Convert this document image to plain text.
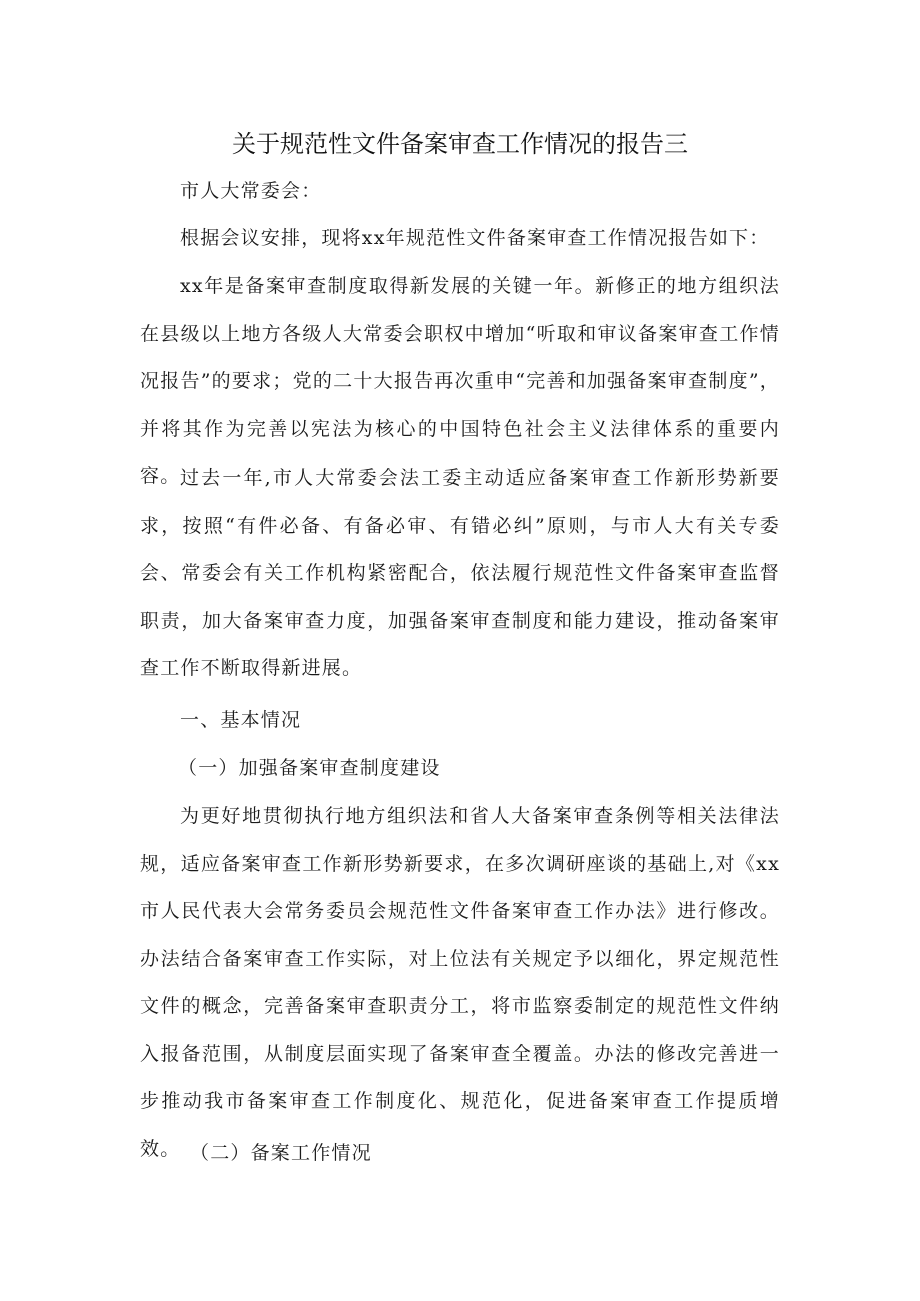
关于规范性文件备案审查工作情况的报告三

市人大常委会：

根据会议安排，现将xx年规范性文件备案审查工作情况报告如下：

xx年是备案审查制度取得新发展的关键一年。新修正的地方组织法在县级以上地方各级人大常委会职权中增加“听取和审议备案审查工作情况报告”的要求；党的二十大报告再次重申“完善和加强备案审查制度”，并将其作为完善以宪法为核心的中国特色社会主义法律体系的重要内容。 过去一年,市人大常委会法工委主动适应备案审查工作新形势新要求，按照“有件必备、有备必审、有错必纠”原则，与市人大有关专委会、常委会有关工作机构紧密配合，依法履行规范性文件备案审查监督职责，加大备案审查力度，加强备案审查制度和能力建设，推动备案审查工作不断取得新进展。

一、基本情况

（一）加强备案审查制度建设

为更好地贯彻执行地方组织法和省人大备案审查条例等相关法律法规，适应备案审查工作新形势新要求，在多次调研座谈的基础上,对《xx市人民代表大会常务委员会规范性文件备案审查工作办法》进行修改。办法结合备案审查工作实际，对上位法有关规定予以细化，界定规范性文件的概念，完善备案审查职责分工，将市监察委制定的规范性文件纳入报备范围，从制度层面实现了备案审查全覆盖。办法的修改完善进一步推动我市备案审查工作制度化、规范化，促进备案审查工作提质增效。 （二）备案工作情况
